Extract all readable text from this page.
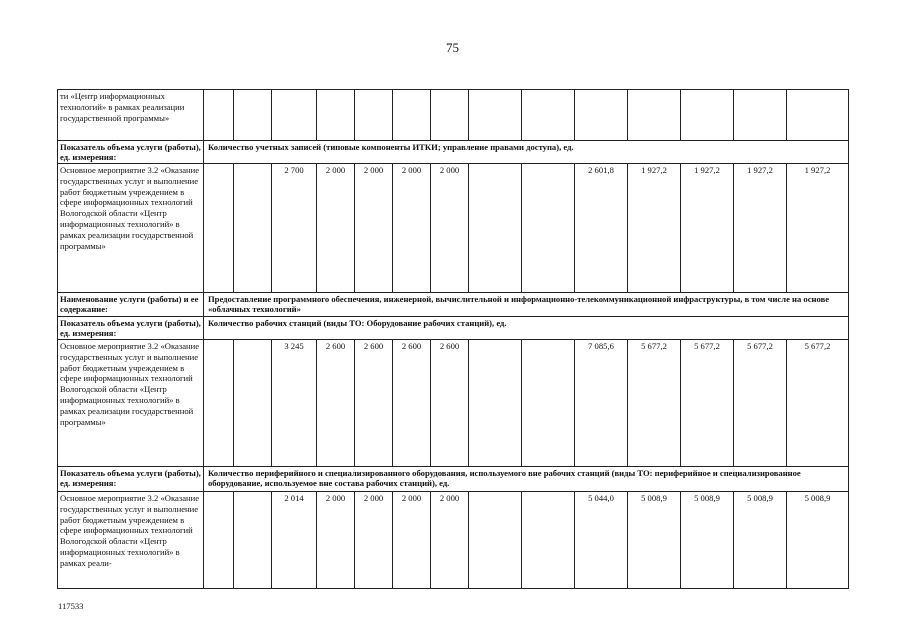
75
ти «Центр информационных технологий» в рамках реализации государственной программы»														
Показатель объема услуги (работы), ед. измерения:	Количество учетных записей (типовые компоненты ИТКИ; управление правами доступа), ед.													
Основное мероприятие 3.2 «Оказание государственных услуг и выполнение работ бюджетным учреждением в сфере информационных технологий Вологодской области «Центр информационных технологий» в рамках реализации государственной программы»			2 700	2 000	2 000	2 000	2 000			2 601,8	1 927,2	1 927,2	1 927,2	1 927,2
Наименование услуги (работы) и ее содержание:	Предоставление программного обеспечения, инженерной, вычислительной и информационно-телекоммуникационной инфраструктуры, в том числе на основе «облачных технологий»													
Показатель объема услуги (работы), ед. измерения:	Количество рабочих станций (виды ТО: Оборудование рабочих станций), ед.													
Основное мероприятие 3.2 «Оказание государственных услуг и выполнение работ бюджетным учреждением в сфере информационных технологий Вологодской области «Центр информационных технологий» в рамках реализации государственной программы»			3 245	2 600	2 600	2 600	2 600			7 085,6	5 677,2	5 677,2	5 677,2	5 677,2
Показатель объема услуги (работы), ед. измерения:	Количество периферийного и специализированного оборудования, используемого вне рабочих станций (виды ТО: периферийное и специализированное оборудование, используемое вне состава рабочих станций), ед.													
Основное мероприятие 3.2 «Оказание государственных услуг и выполнение работ бюджетным учреждением в сфере информационных технологий Вологодской области «Центр информационных технологий» в рамках реали-			2 014	2 000	2 000	2 000	2 000			5 044,0	5 008,9	5 008,9	5 008,9	5 008,9
117533
